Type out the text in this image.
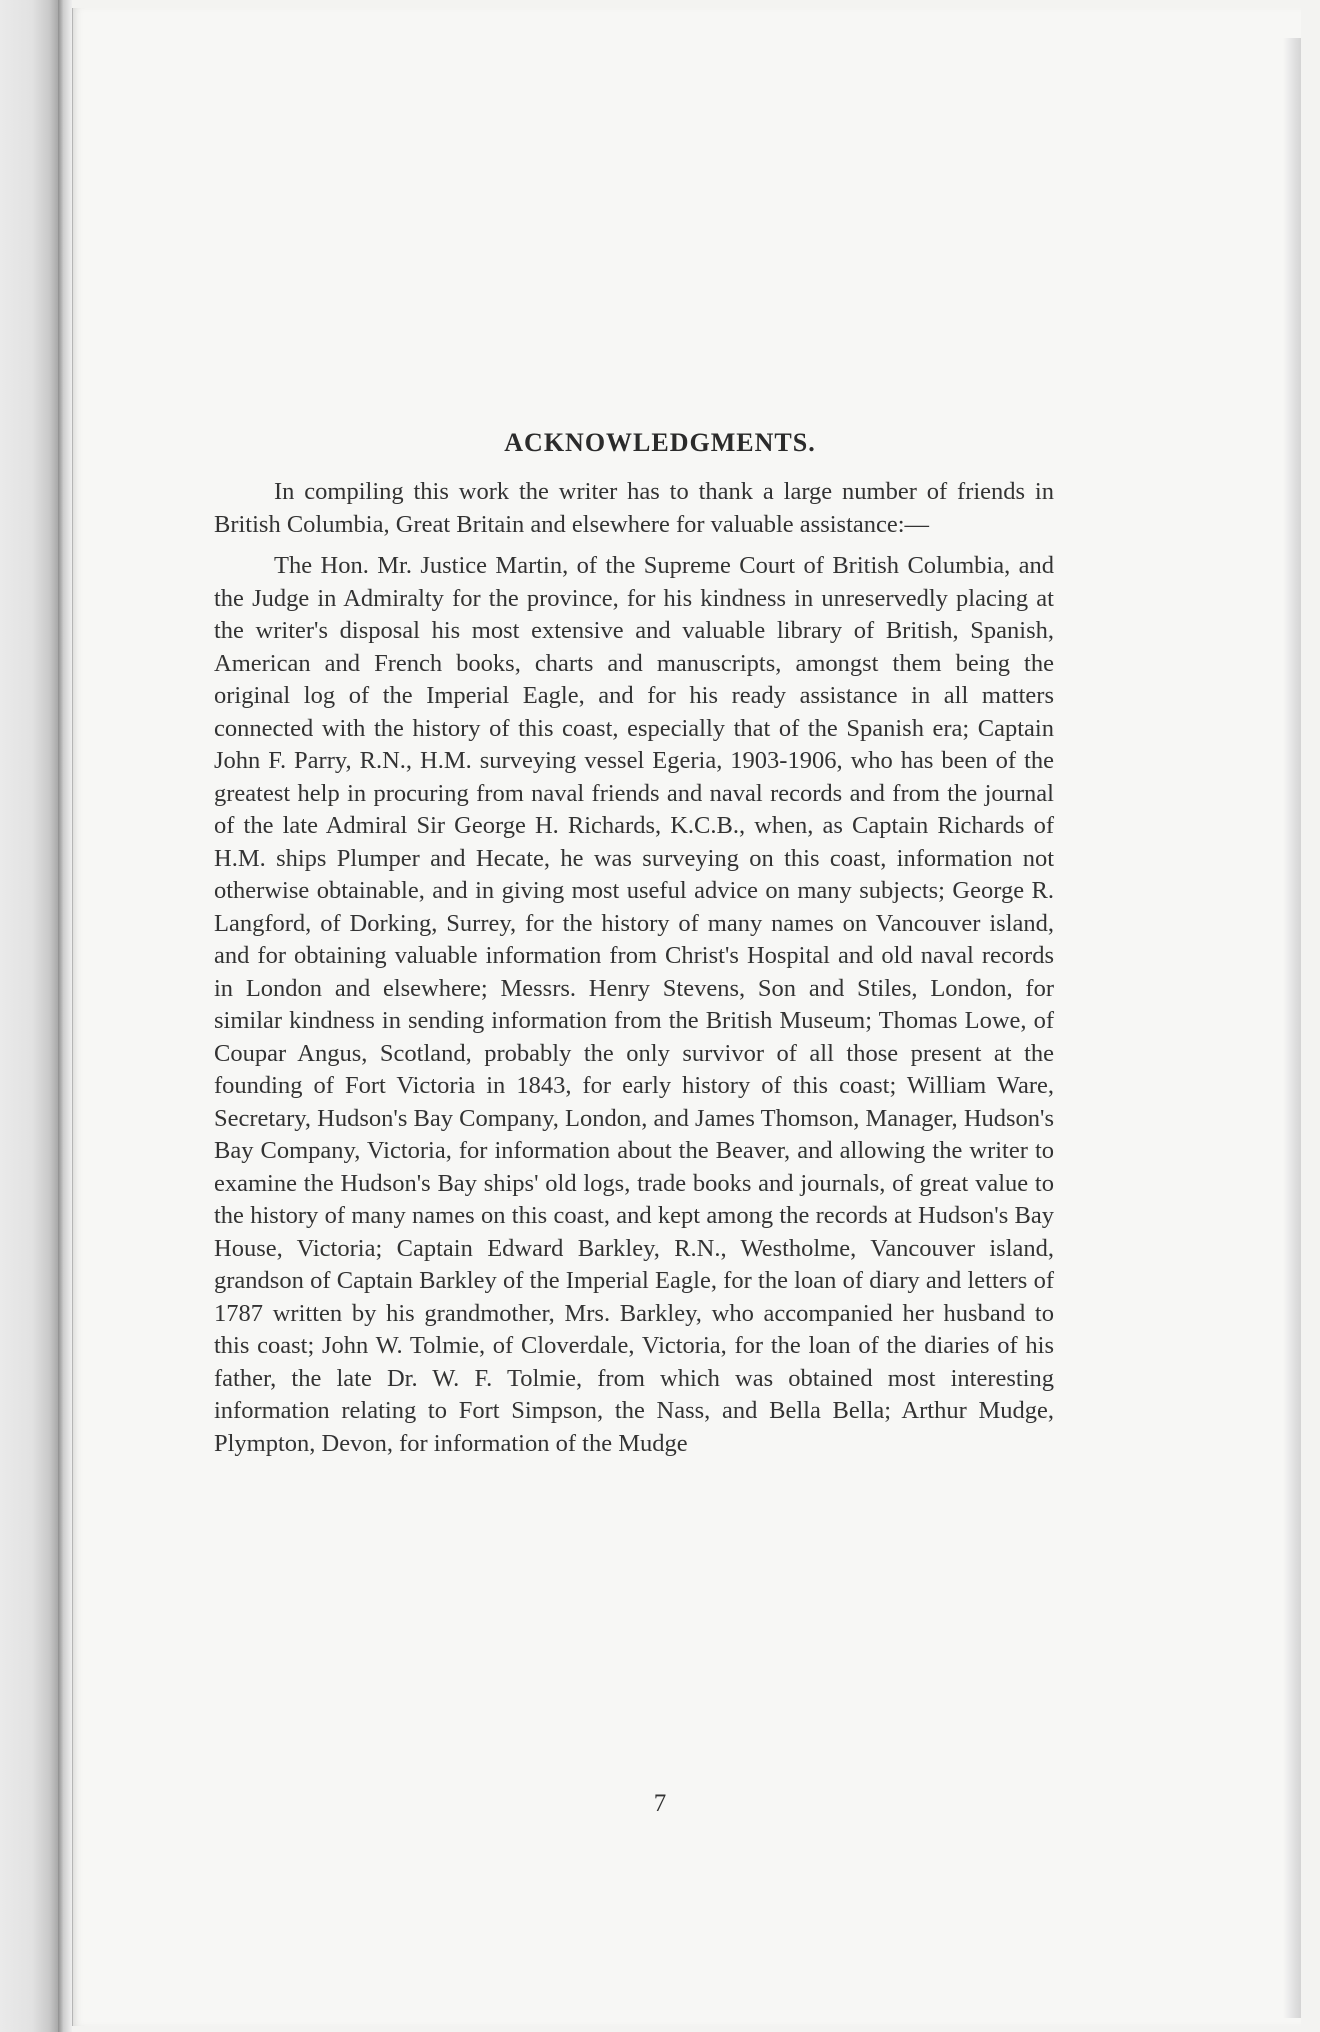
ACKNOWLEDGMENTS.

In compiling this work the writer has to thank a large number of friends in British Columbia, Great Britain and elsewhere for valuable assistance:—

The Hon. Mr. Justice Martin, of the Supreme Court of British Columbia, and the Judge in Admiralty for the province, for his kindness in unreservedly placing at the writer's disposal his most extensive and valuable library of British, Spanish, American and French books, charts and manuscripts, amongst them being the original log of the Imperial Eagle, and for his ready assistance in all matters connected with the history of this coast, especially that of the Spanish era; Captain John F. Parry, R.N., H.M. surveying vessel Egeria, 1903-1906, who has been of the greatest help in procuring from naval friends and naval records and from the journal of the late Admiral Sir George H. Richards, K.C.B., when, as Captain Richards of H.M. ships Plumper and Hecate, he was surveying on this coast, information not otherwise obtainable, and in giving most useful advice on many subjects; George R. Langford, of Dorking, Surrey, for the history of many names on Vancouver island, and for obtaining valuable information from Christ's Hospital and old naval records in London and elsewhere; Messrs. Henry Stevens, Son and Stiles, London, for similar kindness in sending information from the British Museum; Thomas Lowe, of Coupar Angus, Scotland, probably the only survivor of all those present at the founding of Fort Victoria in 1843, for early history of this coast; William Ware, Secretary, Hudson's Bay Company, London, and James Thomson, Manager, Hudson's Bay Company, Victoria, for information about the Beaver, and allowing the writer to examine the Hudson's Bay ships' old logs, trade books and journals, of great value to the history of many names on this coast, and kept among the records at Hudson's Bay House, Victoria; Captain Edward Barkley, R.N., Westholme, Vancouver island, grandson of Captain Barkley of the Imperial Eagle, for the loan of diary and letters of 1787 written by his grandmother, Mrs. Barkley, who accompanied her husband to this coast; John W. Tolmie, of Cloverdale, Victoria, for the loan of the diaries of his father, the late Dr. W. F. Tolmie, from which was obtained most interesting information relating to Fort Simpson, the Nass, and Bella Bella; Arthur Mudge, Plympton, Devon, for information of the Mudge

7
